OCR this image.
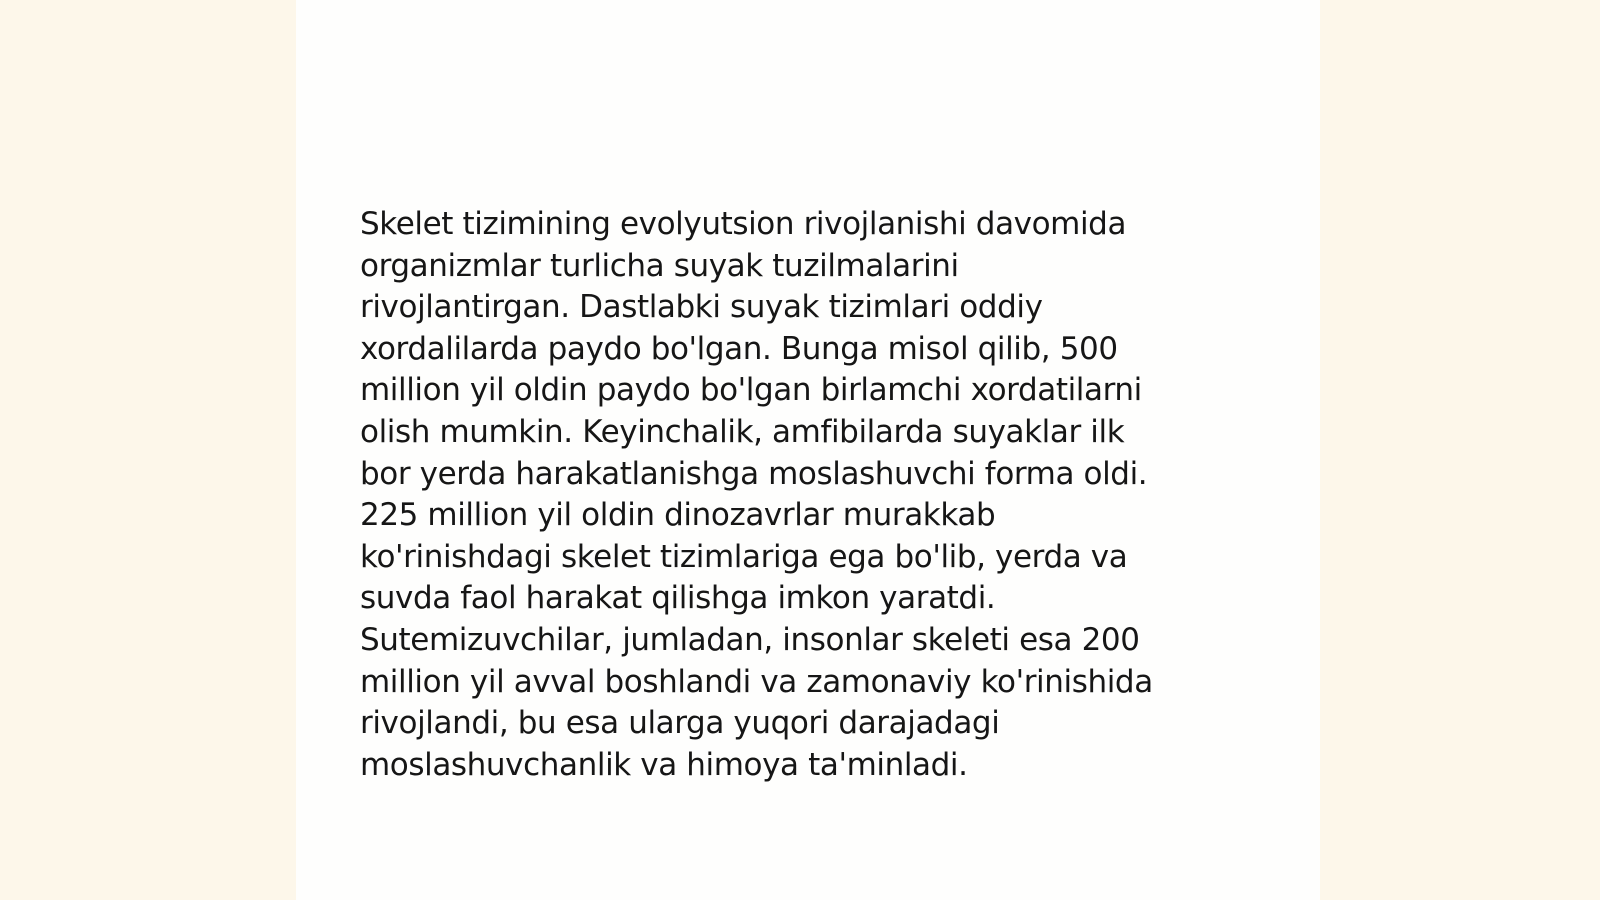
Skelet tizimining evolyutsion rivojlanishi davomida
organizmlar turlicha suyak tuzilmalarini
rivojlantirgan. Dastlabki suyak tizimlari oddiy
xordalilarda paydo bo'lgan. Bunga misol qilib, 500
million yil oldin paydo bo'lgan birlamchi xordatilarni
olish mumkin. Keyinchalik, amfibilarda suyaklar ilk
bor yerda harakatlanishga moslashuvchi forma oldi.
225 million yil oldin dinozavrlar murakkab
ko'rinishdagi skelet tizimlariga ega bo'lib, yerda va
suvda faol harakat qilishga imkon yaratdi.
Sutemizuvchilar, jumladan, insonlar skeleti esa 200
million yil avval boshlandi va zamonaviy ko'rinishida
rivojlandi, bu esa ularga yuqori darajadagi
moslashuvchanlik va himoya ta'minladi.
